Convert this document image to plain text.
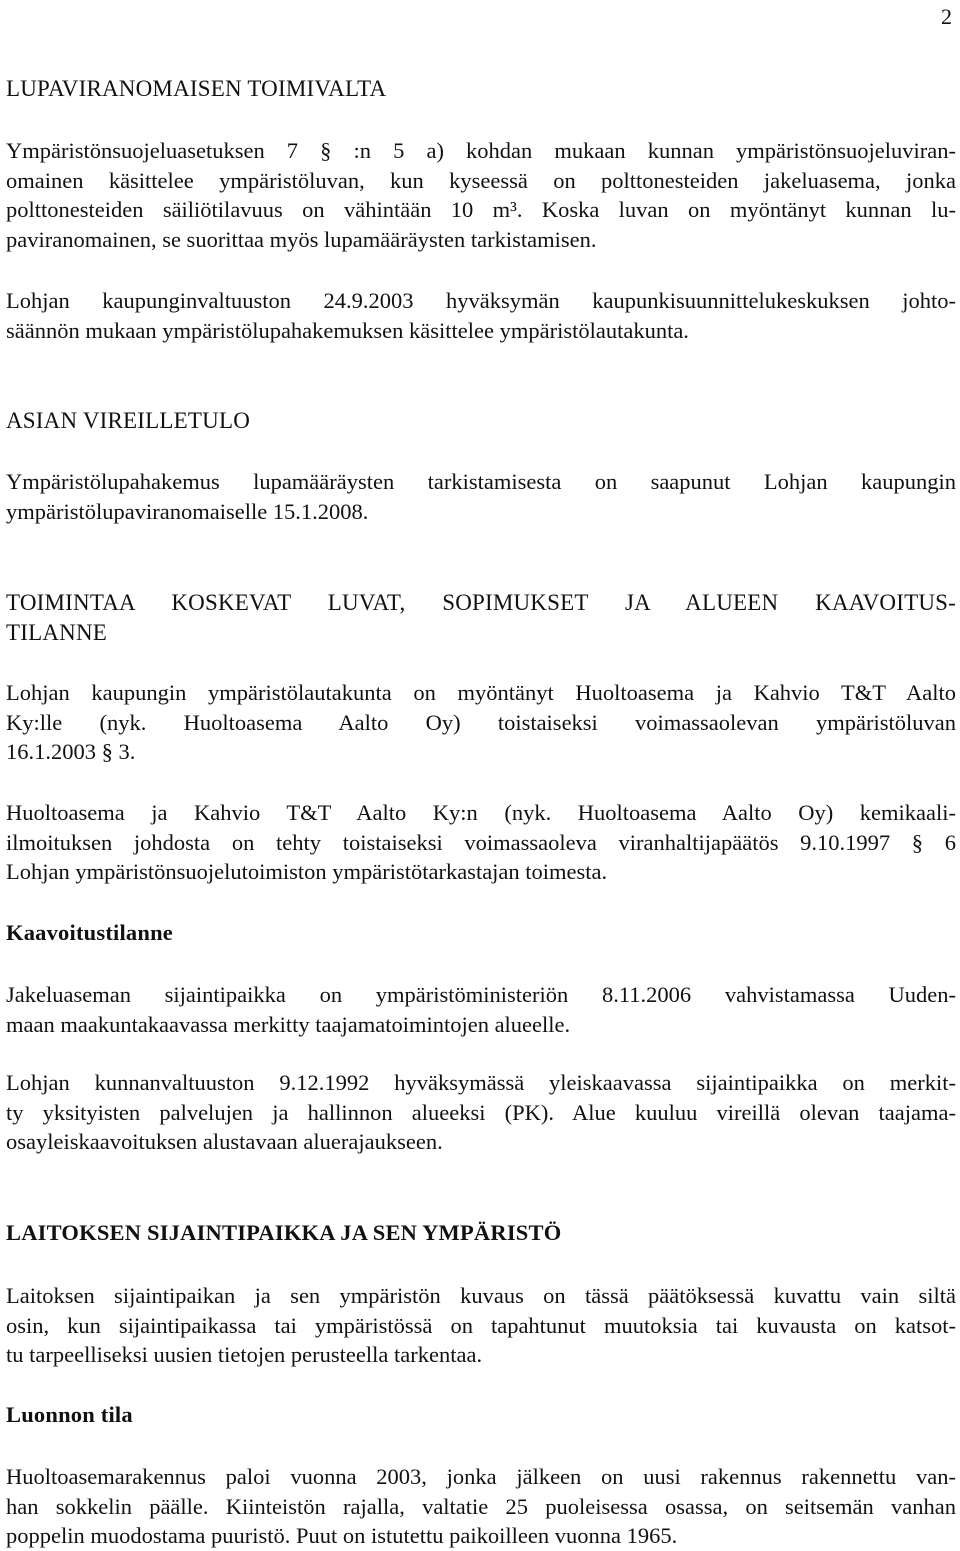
2
LUPAVIRANOMAISEN TOIMIVALTA
Ympäristönsuojeluasetuksen 7 § :n 5 a) kohdan mukaan kunnan ympäristönsuojeluviran-
omainen käsittelee ympäristöluvan, kun kyseessä on polttonesteiden jakeluasema, jonka
polttonesteiden säiliötilavuus on vähintään 10 m³. Koska luvan on myöntänyt kunnan lu-
paviranomainen, se suorittaa myös lupamääräysten tarkistamisen.
Lohjan kaupunginvaltuuston 24.9.2003 hyväksymän kaupunkisuunnittelukeskuksen johto-
säännön mukaan ympäristölupahakemuksen käsittelee ympäristölautakunta.
ASIAN VIREILLETULO
Ympäristölupahakemus lupamääräysten tarkistamisesta on saapunut Lohjan kaupungin
ympäristölupaviranomaiselle 15.1.2008.
TOIMINTAA KOSKEVAT LUVAT, SOPIMUKSET JA ALUEEN KAAVOITUS-
TILANNE
Lohjan kaupungin ympäristölautakunta on myöntänyt Huoltoasema ja Kahvio T&T Aalto
Ky:lle (nyk. Huoltoasema Aalto Oy) toistaiseksi voimassaolevan ympäristöluvan
16.1.2003 § 3.
Huoltoasema ja Kahvio T&T Aalto Ky:n (nyk. Huoltoasema Aalto Oy) kemikaali-
ilmoituksen johdosta on tehty toistaiseksi voimassaoleva viranhaltijapäätös 9.10.1997 § 6
Lohjan ympäristönsuojelutoimiston ympäristötarkastajan toimesta.
Kaavoitustilanne
Jakeluaseman sijaintipaikka on ympäristöministeriön 8.11.2006 vahvistamassa Uuden-
maan maakuntakaavassa merkitty taajamatoimintojen alueelle.
Lohjan kunnanvaltuuston 9.12.1992 hyväksymässä yleiskaavassa sijaintipaikka on merkit-
ty yksityisten palvelujen ja hallinnon alueeksi (PK). Alue kuuluu vireillä olevan taajama-
osayleiskaavoituksen alustavaan aluerajaukseen.
LAITOKSEN SIJAINTIPAIKKA JA SEN YMPÄRISTÖ
Laitoksen sijaintipaikan ja sen ympäristön kuvaus on tässä päätöksessä kuvattu vain siltä
osin, kun sijaintipaikassa tai ympäristössä on tapahtunut muutoksia tai kuvausta on katsot-
tu tarpeelliseksi uusien tietojen perusteella tarkentaa.
Luonnon tila
Huoltoasemarakennus paloi vuonna 2003, jonka jälkeen on uusi rakennus rakennettu van-
han sokkelin päälle. Kiinteistön rajalla, valtatie 25 puoleisessa osassa, on seitsemän vanhan
poppelin muodostama puuristö. Puut on istutettu paikoilleen vuonna 1965.
